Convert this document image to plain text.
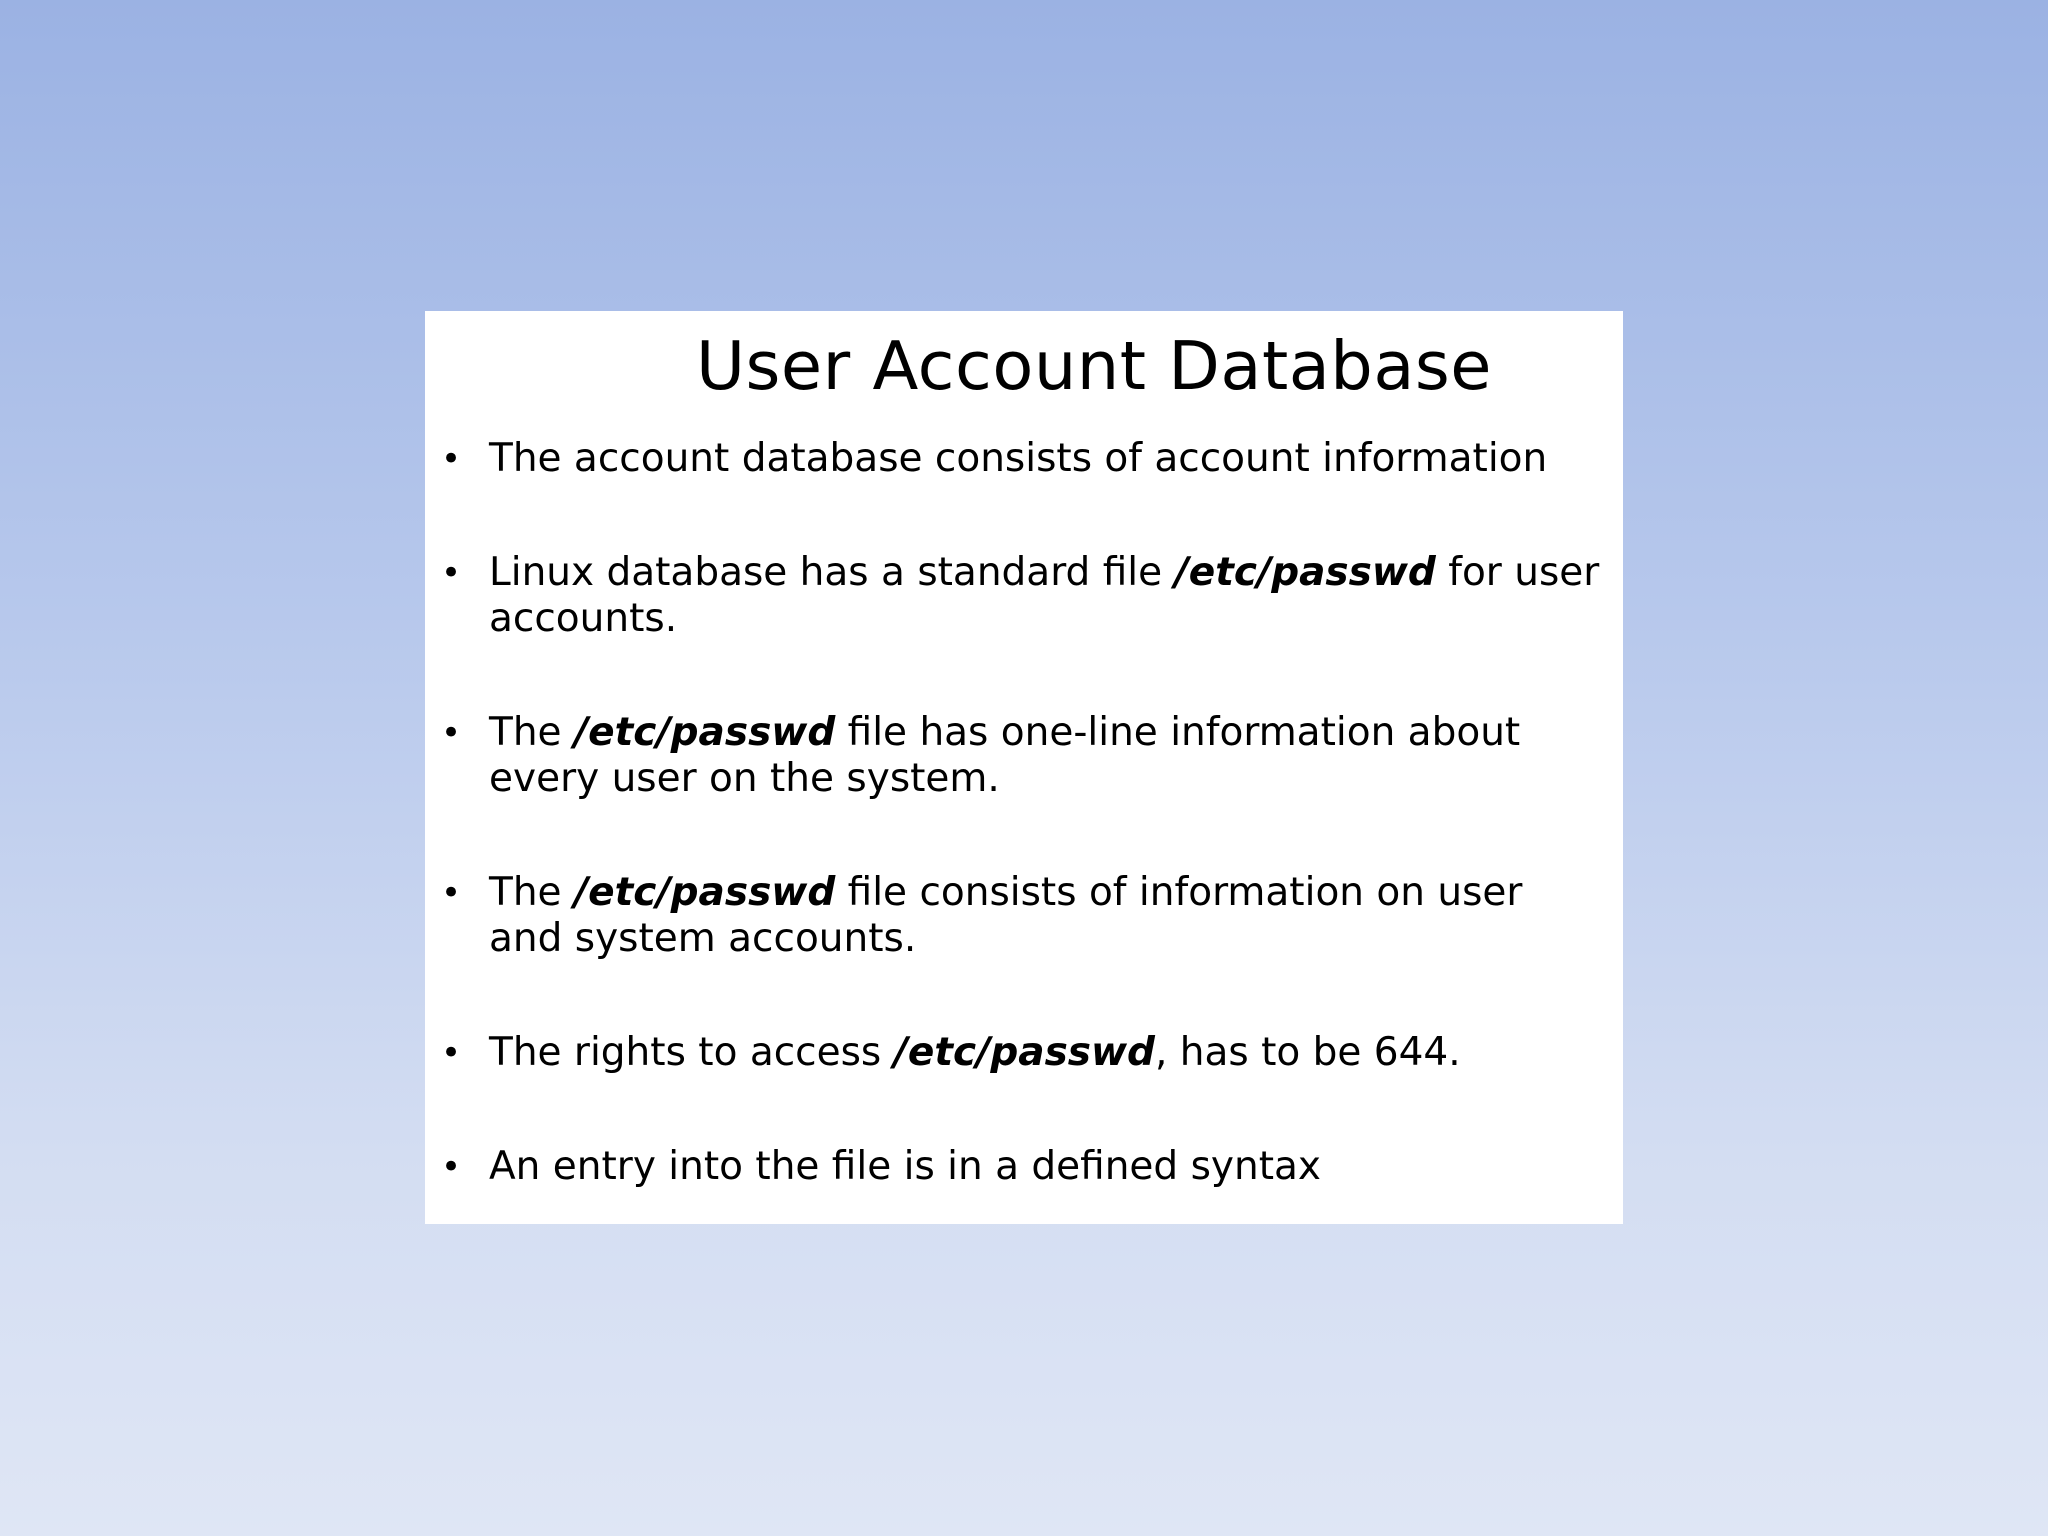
User Account Database
• The account database consists of account information
• Linux database has a standard file /etc/passwd for user accounts.
• The /etc/passwd file has one-line information about every user on the system.
• The /etc/passwd file consists of information on user and system accounts.
• The rights to access /etc/passwd, has to be 644.
• An entry into the file is in a defined syntax
